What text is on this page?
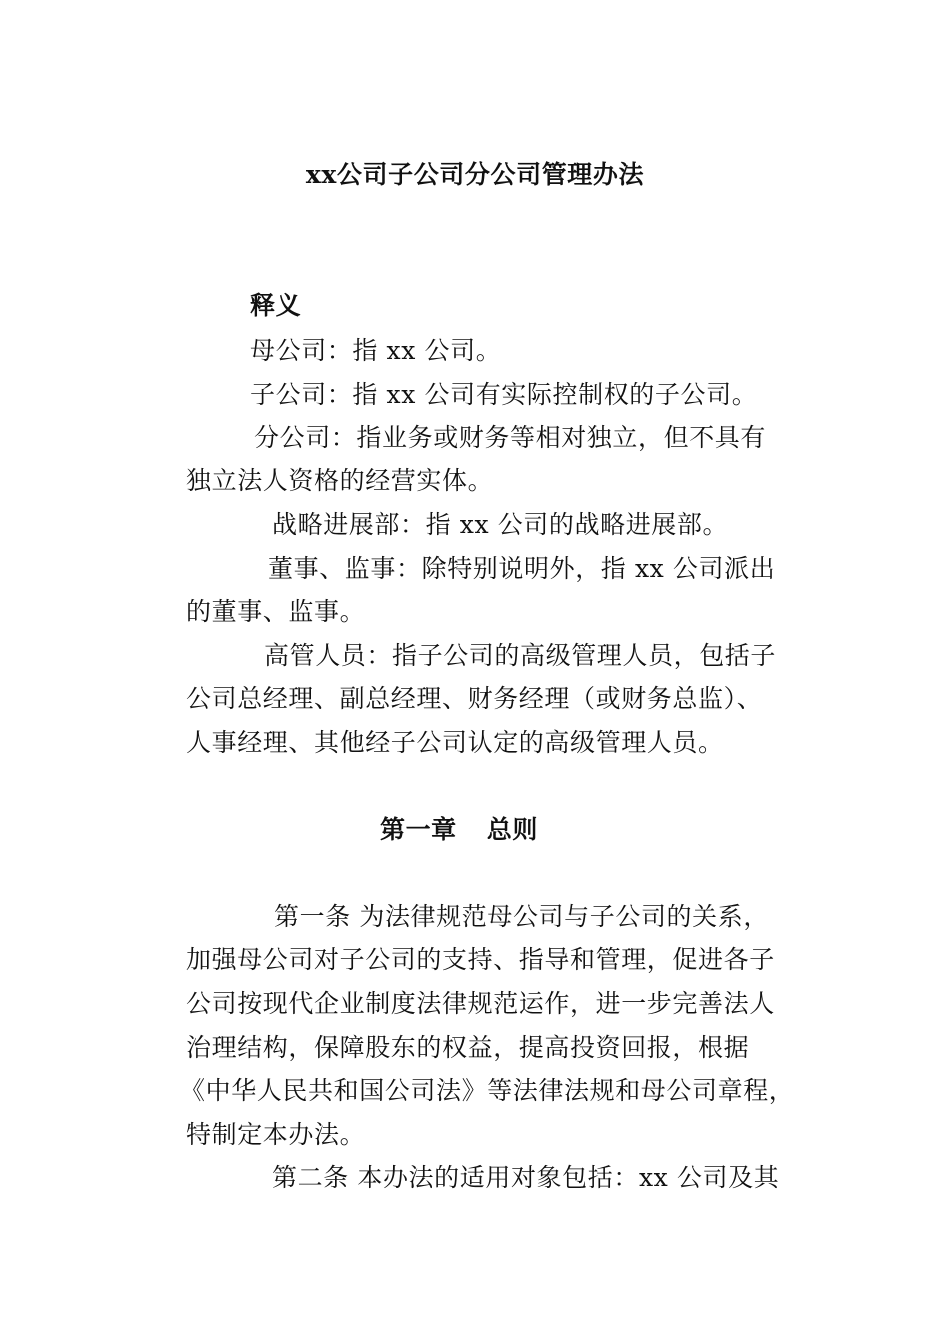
xx公司子公司分公司管理办法
释义
母公司：指 xx 公司。
子公司：指 xx 公司有实际控制权的子公司。
分公司：指业务或财务等相对独立，但不具有
独立法人资格的经营实体。
战略进展部：指 xx 公司的战略进展部。
董事、监事：除特别说明外，指 xx 公司派出
的董事、监事。
高管人员：指子公司的高级管理人员，包括子
公司总经理、副总经理、财务经理（或财务总监）、
人事经理、其他经子公司认定的高级管理人员。
第一章 总则
第一条 为法律规范母公司与子公司的关系，
加强母公司对子公司的支持、指导和管理，促进各子
公司按现代企业制度法律规范运作，进一步完善法人
治理结构，保障股东的权益，提高投资回报，根据
《中华人民共和国公司法》等法律法规和母公司章程，
特制定本办法。
第二条 本办法的适用对象包括：xx 公司及其
